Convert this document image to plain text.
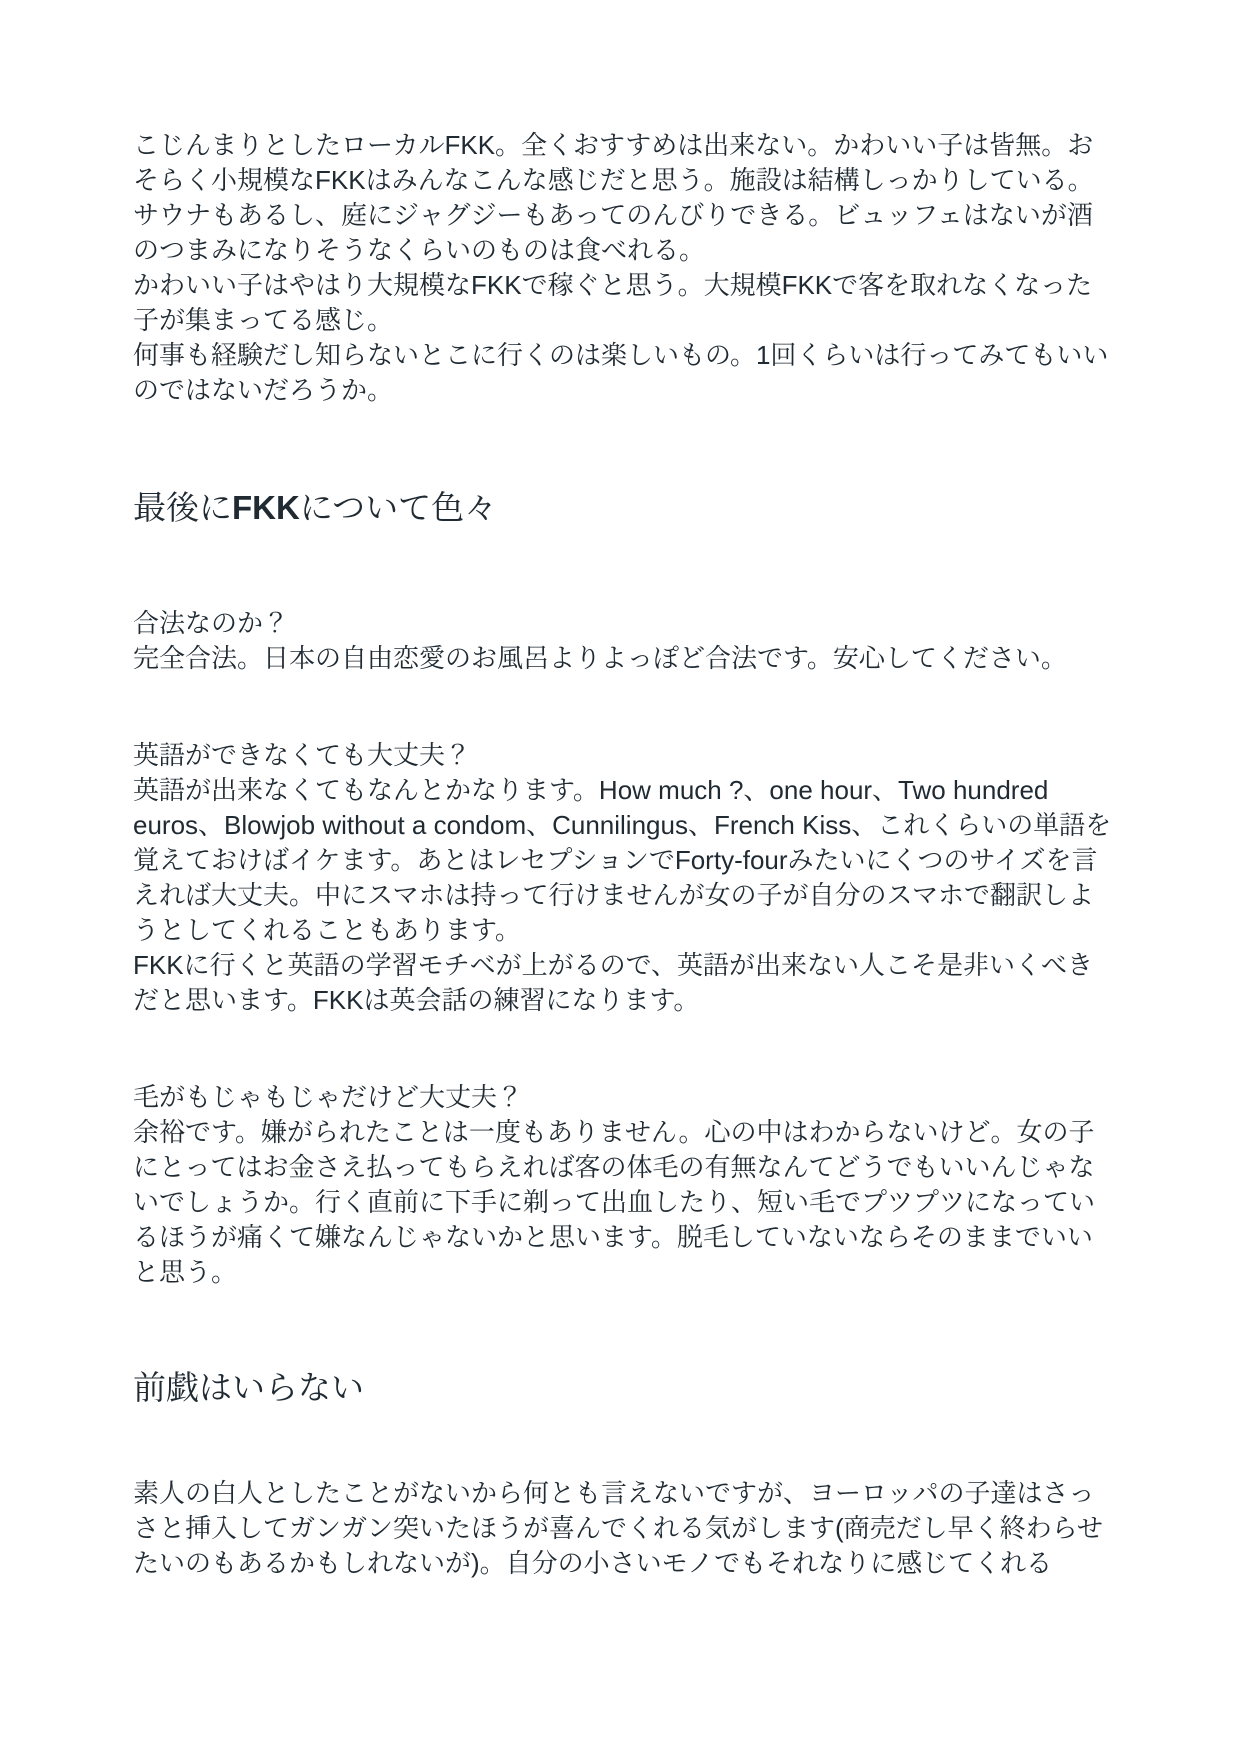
こじんまりとしたローカルFKK。全くおすすめは出来ない。かわいい子は皆無。おそらく小規模なFKKはみんなこんな感じだと思う。施設は結構しっかりしている。サウナもあるし、庭にジャグジーもあってのんびりできる。ビュッフェはないが酒のつまみになりそうなくらいのものは食べれる。
かわいい子はやはり大規模なFKKで稼ぐと思う。大規模FKKで客を取れなくなった子が集まってる感じ。
何事も経験だし知らないとこに行くのは楽しいもの。1回くらいは行ってみてもいいのではないだろうか。
最後にFKKについて色々
合法なのか？
完全合法。日本の自由恋愛のお風呂よりよっぽど合法です。安心してください。
英語ができなくても大丈夫？
英語が出来なくてもなんとかなります。How much ?、one hour、Two hundred euros、Blowjob without a condom、Cunnilingus、French Kiss、これくらいの単語を覚えておけばイケます。あとはレセプションでForty-fourみたいにくつのサイズを言えれば大丈夫。中にスマホは持って行けませんが女の子が自分のスマホで翻訳しようとしてくれることもあります。
FKKに行くと英語の学習モチベが上がるので、英語が出来ない人こそ是非いくべきだと思います。FKKは英会話の練習になります。
毛がもじゃもじゃだけど大丈夫？
余裕です。嫌がられたことは一度もありません。心の中はわからないけど。女の子にとってはお金さえ払ってもらえれば客の体毛の有無なんてどうでもいいんじゃないでしょうか。行く直前に下手に剃って出血したり、短い毛でプツプツになっているほうが痛くて嫌なんじゃないかと思います。脱毛していないならそのままでいいと思う。
前戯はいらない
素人の白人としたことがないから何とも言えないですが、ヨーロッパの子達はさっさと挿入してガンガン突いたほうが喜んでくれる気がします(商売だし早く終わらせたいのもあるかもしれないが)。自分の小さいモノでもそれなりに感じてくれる
